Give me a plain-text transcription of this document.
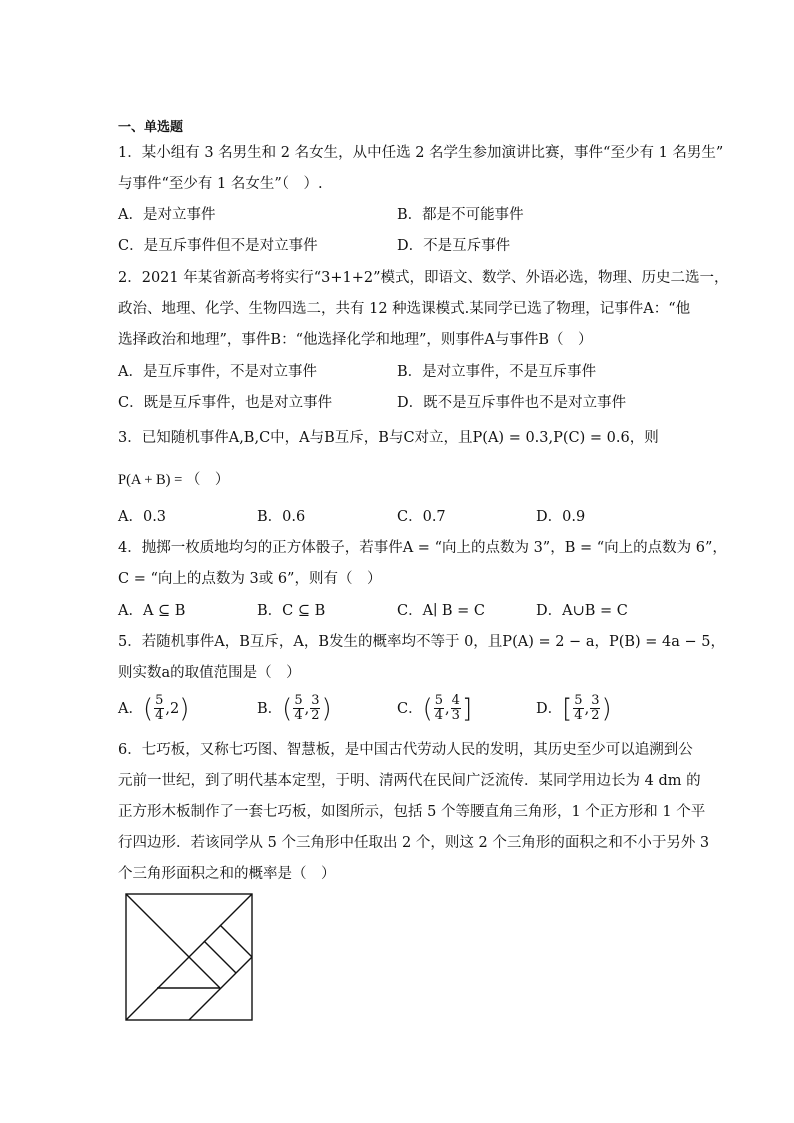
一、单选题
1．某小组有 3 名男生和 2 名女生，从中任选 2 名学生参加演讲比赛，事件“至少有 1 名男生”
与事件“至少有 1 名女生”（　）.
A．是对立事件	B．都是不可能事件
C．是互斥事件但不是对立事件	D．不是互斥事件
2．2021 年某省新高考将实行“3+1+2”模式，即语文、数学、外语必选，物理、历史二选一，
政治、地理、化学、生物四选二，共有 12 种选课模式.某同学已选了物理，记事件A：“他
选择政治和地理”，事件B：“他选择化学和地理”，则事件A与事件B（　）
A．是互斥事件，不是对立事件	B．是对立事件，不是互斥事件
C．既是互斥事件，也是对立事件	D．既不是互斥事件也不是对立事件
3．已知随机事件A,B,C中，A与B互斥，B与C对立，且P(A) = 0.3,P(C) = 0.6，则
P(A + B) = （　）
A．0.3	B．0.6	C．0.7	D．0.9
4．抛掷一枚质地均匀的正方体骰子，若事件A = “向上的点数为 3”，B = “向上的点数为 6”，
C = “向上的点数为 3或 6”，则有（　）
A．A ⊆ B	B．C ⊆ B	C．A∣ B = C	D．A∪B = C
5．若随机事件A，B互斥，A，B发生的概率均不等于 0，且P(A) = 2 − a，P(B) = 4a − 5，
则实数a的取值范围是（　）
A． ( $\frac{5}{4} ,2$ )	B． ( $\frac{5}{4}$ , $\frac{3}{2}$ )	C． ( $\frac{5}{4}$ , $\frac{4}{3}$ ]	D． [ $\frac{5}{4}$ , $\frac{3}{2}$ )
6．七巧板，又称七巧图、智慧板，是中国古代劳动人民的发明，其历史至少可以追溯到公
元前一世纪，到了明代基本定型，于明、清两代在民间广泛流传．某同学用边长为 4 dm 的
正方形木板制作了一套七巧板，如图所示，包括 5 个等腰直角三角形，1 个正方形和 1 个平
行四边形．若该同学从 5 个三角形中任取出 2 个，则这 2 个三角形的面积之和不小于另外 3
个三角形面积之和的概率是（　）
